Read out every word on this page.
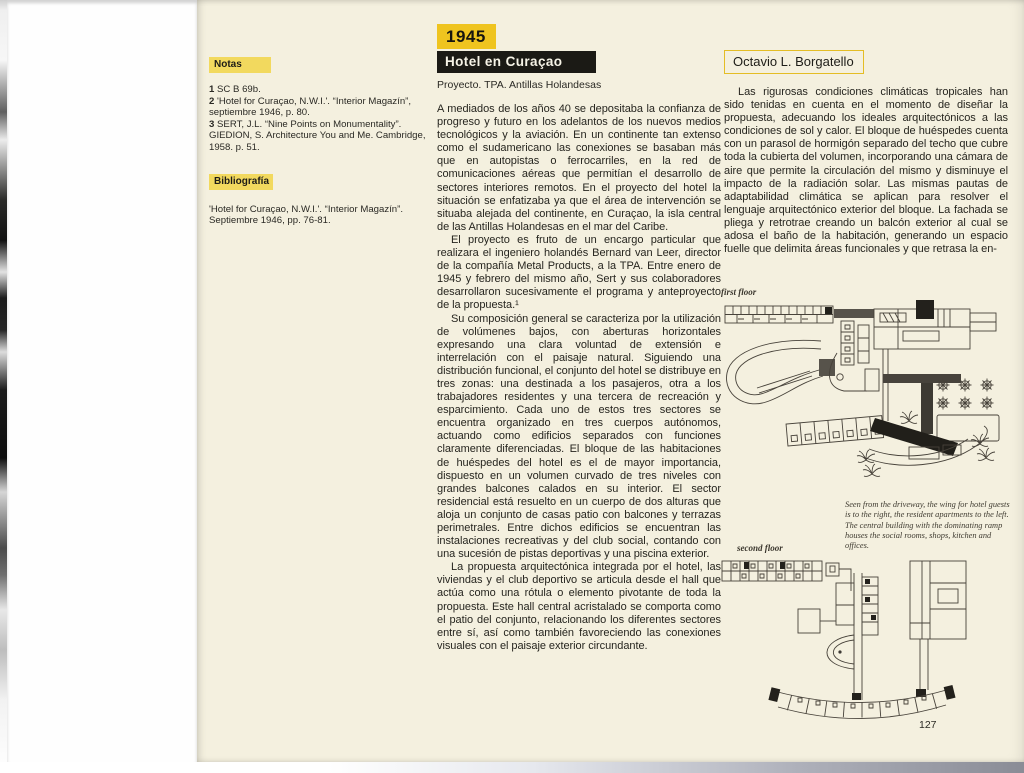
Notas

1 SC B 69b.

2 'Hotel for Curaçao, N.W.I.'. “Interior Magazín”, septiembre 1946, p. 80.

3 SERT, J.L. “Nine Points on Monumentality”. GIEDION, S. Architecture You and Me. Cambridge, 1958. p. 51.

Bibliografía

'Hotel for Curaçao, N.W.I.'. “Interior Magazín”. Septiembre 1946, pp. 76-81.

1945
Hotel en Curaçao
Proyecto. TPA. Antillas Holandesas

A mediados de los años 40 se depositaba la confianza de progreso y futuro en los adelantos de los nuevos medios tecnológicos y la aviación. En un continente tan extenso como el sudamericano las conexiones se basaban más que en autopistas o ferrocarriles, en la red de comunicaciones aéreas que permitían el desarrollo de sectores interiores remotos. En el proyecto del hotel la situación se enfatizaba ya que el área de intervención se situaba alejada del continente, en Curaçao, la isla central de las Antillas Holandesas en el mar del Caribe.

El proyecto es fruto de un encargo particular que realizara el ingeniero holandés Bernard van Leer, director de la compañía Metal Products, a la TPA. Entre enero de 1945 y febrero del mismo año, Sert y sus colaboradores desarrollaron sucesivamente el programa y anteproyecto de la propuesta.¹

Su composición general se caracteriza por la utilización de volúmenes bajos, con aberturas horizontales expresando una clara voluntad de extensión e interrelación con el paisaje natural. Siguiendo una distribución funcional, el conjunto del hotel se distribuye en tres zonas: una destinada a los pasajeros, otra a los trabajadores residentes y una tercera de recreación y esparcimiento. Cada uno de estos tres sectores se encuentra organizado en tres cuerpos autónomos, actuando como edificios separados con funciones claramente diferenciadas. El bloque de las habitaciones de huéspedes del hotel es el de mayor importancia, dispuesto en un volumen curvado de tres niveles con grandes balcones calados en su interior. El sector residencial está resuelto en un cuerpo de dos alturas que aloja un conjunto de casas patio con balcones y terrazas perimetrales. Entre dichos edificios se encuentran las instalaciones recreativas y del club social, contando con una sucesión de pistas deportivas y una piscina exterior.

La propuesta arquitectónica integrada por el hotel, las viviendas y el club deportivo se articula desde el hall que actúa como una rótula o elemento pivotante de toda la propuesta. Este hall central acristalado se comporta como el patio del conjunto, relacionando los diferentes sectores entre sí, así como también favoreciendo las conexiones visuales con el paisaje exterior circundante.

Octavio L. Borgatello

Las rigurosas condiciones climáticas tropicales han sido tenidas en cuenta en el momento de diseñar la propuesta, adecuando los ideales arquitectónicos a las condiciones de sol y calor. El bloque de huéspedes cuenta con un parasol de hormigón separado del techo que cubre toda la cubierta del volumen, incorporando una cámara de aire que permite la circulación del mismo y disminuye el impacto de la radiación solar. Las mismas pautas de adaptabilidad climática se aplican para resolver el lenguaje arquitectónico exterior del bloque. La fachada se pliega y retrotrae creando un balcón exterior al cual se adosa el baño de la habitación, generando un espacio fuelle que delimita áreas funcionales y que retrasa la en-

first floor
Seen from the driveway, the wing for hotel guests is to the right, the resident apartments to the left. The central building with the dominating ramp houses the social rooms, shops, kitchen and offices.
second floor
127
